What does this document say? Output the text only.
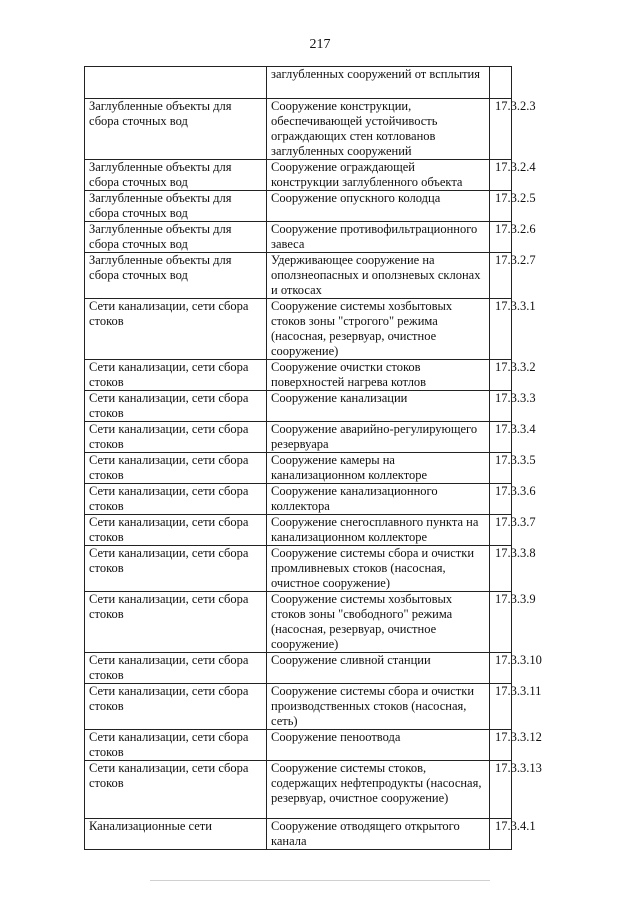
217
	заглубленных сооружений от всплытия	
Заглубленные объекты для сбора сточных вод	Сооружение конструкции, обеспечивающей устойчивость ограждающих стен котлованов заглубленных сооружений	17.3.2.3
Заглубленные объекты для сбора сточных вод	Сооружение ограждающей конструкции заглубленного объекта	17.3.2.4
Заглубленные объекты для сбора сточных вод	Сооружение опускного колодца	17.3.2.5
Заглубленные объекты для сбора сточных вод	Сооружение противофильтрационного завеса	17.3.2.6
Заглубленные объекты для сбора сточных вод	Удерживающее сооружение на оползнеопасных и оползневых склонах и откосах	17.3.2.7
Сети канализации, сети сбора стоков	Сооружение системы хозбытовых стоков зоны "строгого" режима (насосная, резервуар, очистное сооружение)	17.3.3.1
Сети канализации, сети сбора стоков	Сооружение очистки стоков поверхностей нагрева котлов	17.3.3.2
Сети канализации, сети сбора стоков	Сооружение канализации	17.3.3.3
Сети канализации, сети сбора стоков	Сооружение аварийно-регулирующего резервуара	17.3.3.4
Сети канализации, сети сбора стоков	Сооружение камеры на канализационном коллекторе	17.3.3.5
Сети канализации, сети сбора стоков	Сооружение канализационного коллектора	17.3.3.6
Сети канализации, сети сбора стоков	Сооружение снегосплавного пункта на канализационном коллекторе	17.3.3.7
Сети канализации, сети сбора стоков	Сооружение системы сбора и очистки промливневых стоков (насосная, очистное сооружение)	17.3.3.8
Сети канализации, сети сбора стоков	Сооружение системы хозбытовых стоков зоны "свободного" режима (насосная, резервуар, очистное сооружение)	17.3.3.9
Сети канализации, сети сбора стоков	Сооружение сливной станции	17.3.3.10
Сети канализации, сети сбора стоков	Сооружение системы сбора и очистки производственных стоков (насосная, сеть)	17.3.3.11
Сети канализации, сети сбора стоков	Сооружение пеноотвода	17.3.3.12
Сети канализации, сети сбора стоков	Сооружение системы стоков, содержащих нефтепродукты (насосная, резервуар, очистное сооружение)	17.3.3.13
Канализационные сети	Сооружение отводящего открытого канала	17.3.4.1
